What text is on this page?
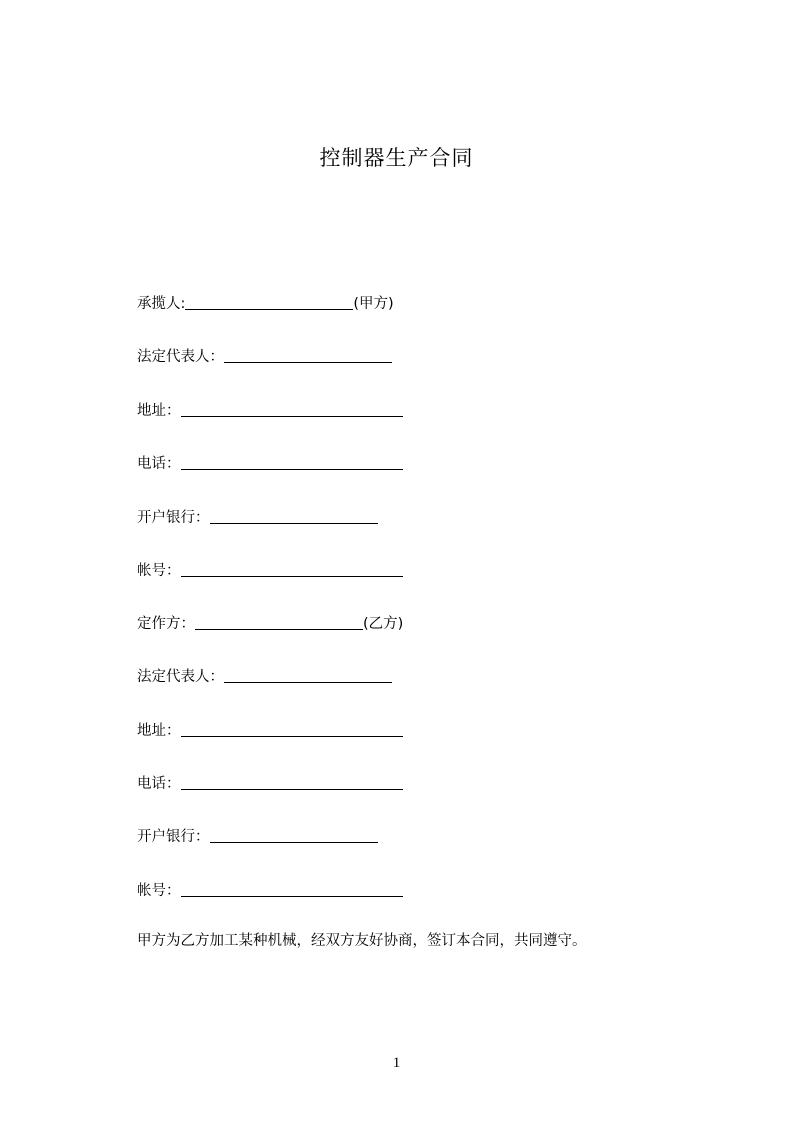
控制器生产合同
承揽人:	(甲方)
法定代表人：
地址：
电话：
开户银行：
帐号：
定作方：	(乙方)
法定代表人：
地址：
电话：
开户银行：
帐号：
甲方为乙方加工某种机械，经双方友好协商，签订本合同，共同遵守。
1
